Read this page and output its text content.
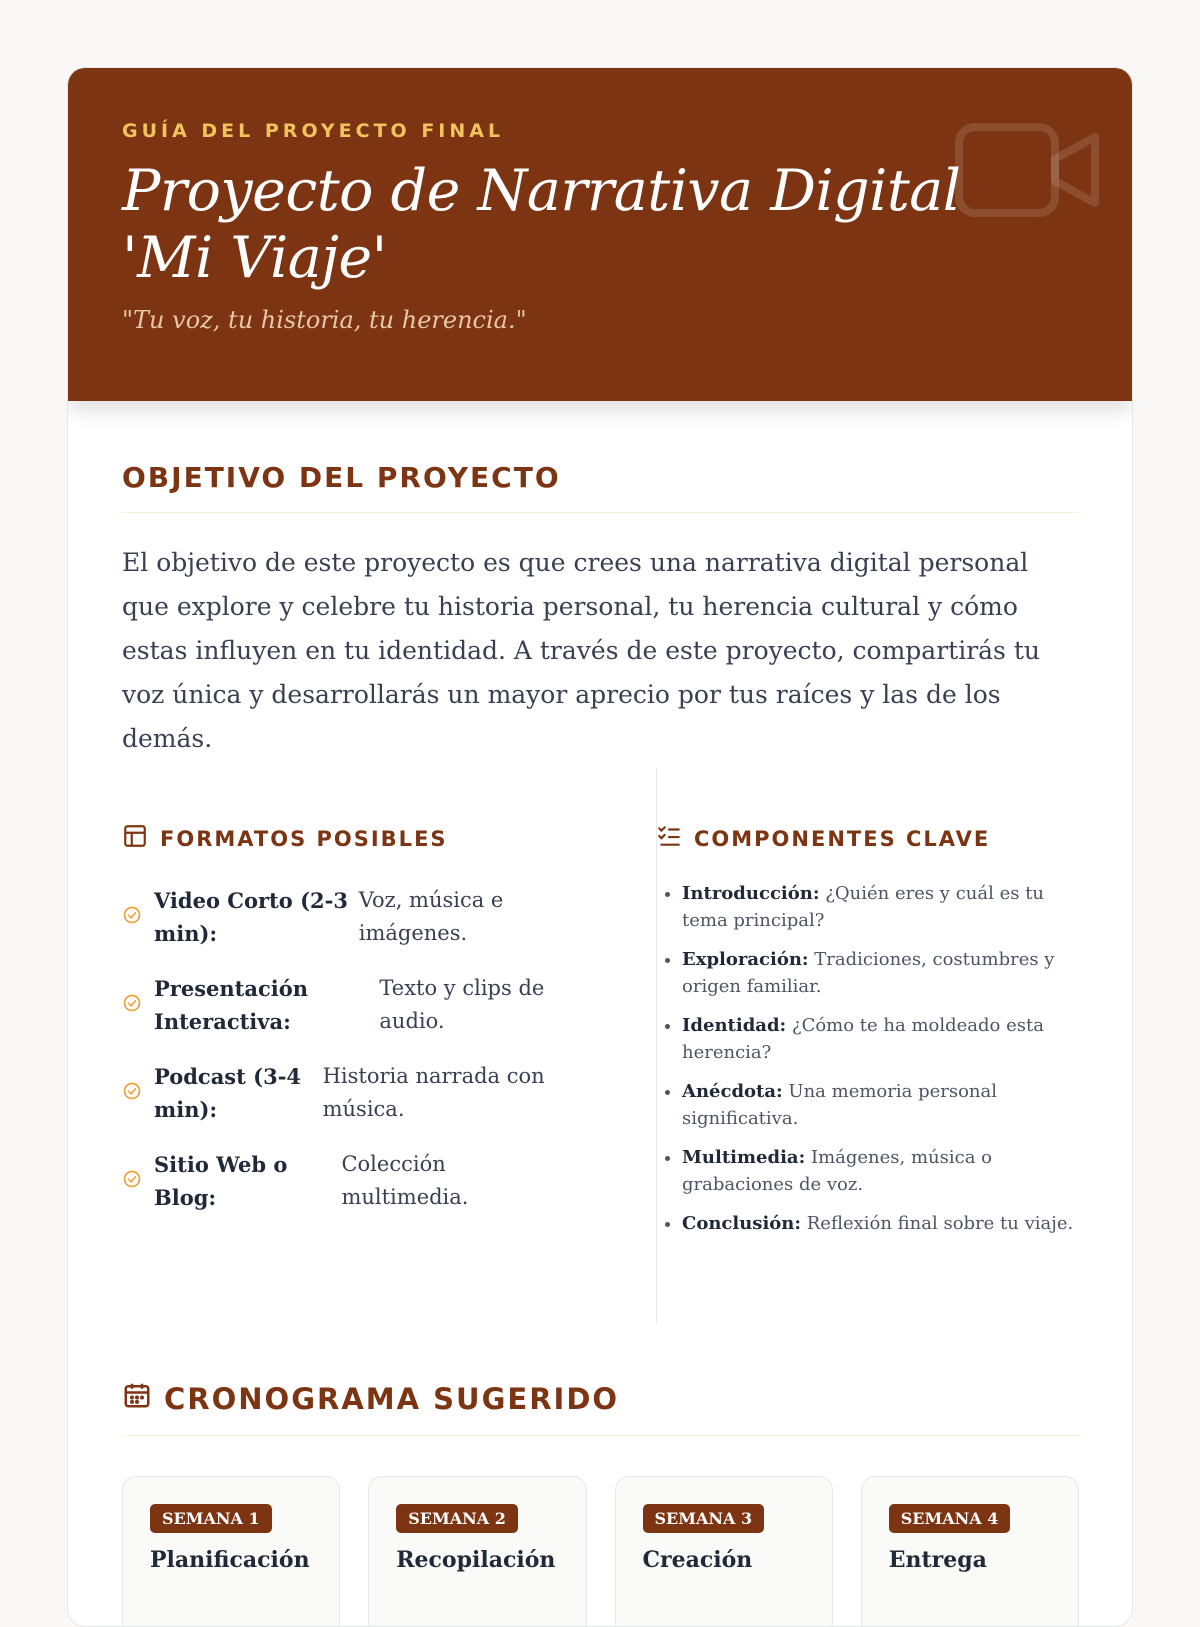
GUÍA DEL PROYECTO FINAL
Proyecto de Narrativa Digital 'Mi Viaje'
"Tu voz, tu historia, tu herencia."
OBJETIVO DEL PROYECTO

El objetivo de este proyecto es que crees una narrativa digital personal que explore y celebre tu historia personal, tu herencia cultural y cómo estas influyen en tu identidad. A través de este proyecto, compartirás tu voz única y desarrollarás un mayor aprecio por tus raíces y las de los demás.

FORMATOS POSIBLES
Video Corto (2-3 min):
Voz, música e imágenes.
Presentación Interactiva:
Texto y clips de audio.
Podcast (3-4 min):
Historia narrada con música.
Sitio Web o Blog:
Colección multimedia.
COMPONENTES CLAVE
• Introducción: ¿Quién eres y cuál es tu tema principal?
• Exploración: Tradiciones, costumbres y origen familiar.
• Identidad: ¿Cómo te ha moldeado esta herencia?
• Anécdota: Una memoria personal significativa.
• Multimedia: Imágenes, música o grabaciones de voz.
• Conclusión: Reflexión final sobre tu viaje.
CRONOGRAMA SUGERIDO
SEMANA 1
Planificación
SEMANA 2
Recopilación
SEMANA 3
Creación
SEMANA 4
Entrega
